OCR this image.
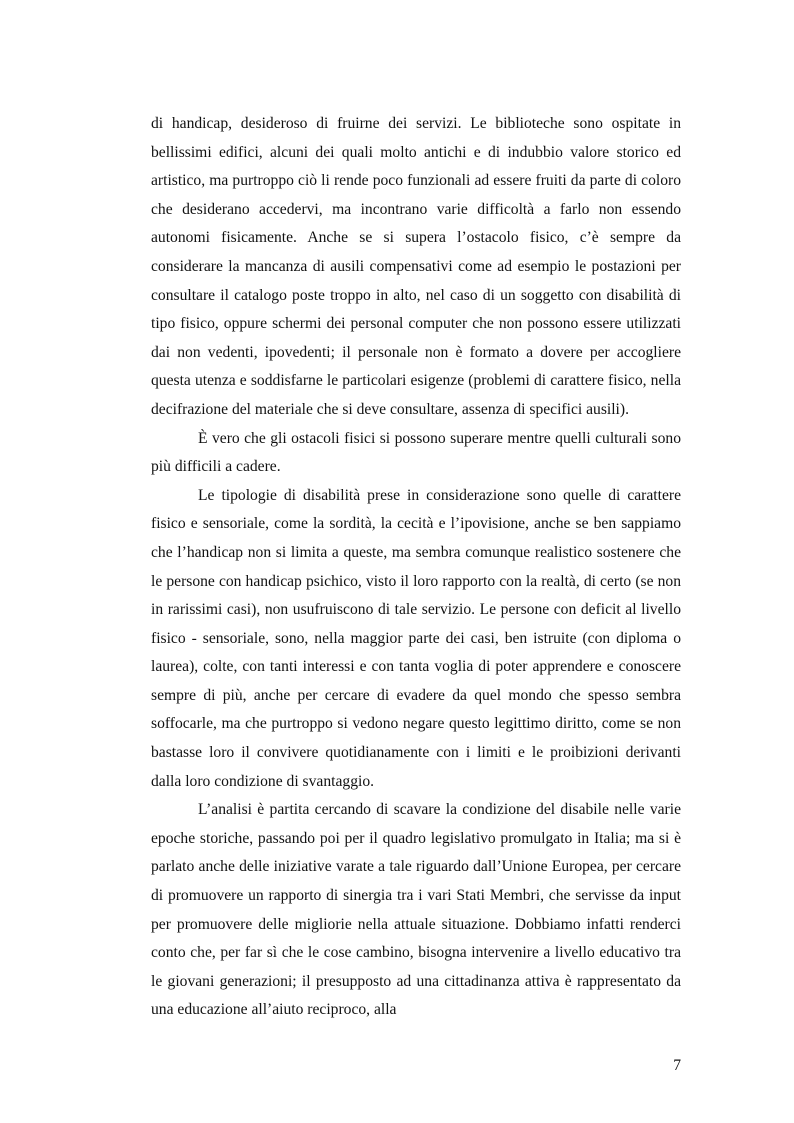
di handicap, desideroso di fruirne dei servizi. Le biblioteche sono ospitate in bellissimi edifici, alcuni dei quali molto antichi e di indubbio valore storico ed artistico, ma purtroppo ciò li rende poco funzionali ad essere fruiti da parte di coloro che desiderano accedervi, ma incontrano varie difficoltà a farlo non essendo autonomi fisicamente. Anche se si supera l’ostacolo fisico, c’è sempre da considerare la mancanza di ausili compensativi come ad esempio le postazioni per consultare il catalogo poste troppo in alto, nel caso di un soggetto con disabilità di tipo fisico, oppure schermi dei personal computer che non possono essere utilizzati dai non vedenti, ipovedenti; il personale non è formato a dovere per accogliere questa utenza e soddisfarne le particolari esigenze (problemi di carattere fisico, nella decifrazione del materiale che si deve consultare, assenza di specifici ausili).

È vero che gli ostacoli fisici si possono superare mentre quelli culturali sono più difficili a cadere.

Le tipologie di disabilità prese in considerazione sono quelle di carattere fisico e sensoriale, come la sordità, la cecità e l’ipovisione, anche se ben sappiamo che l’handicap non si limita a queste, ma sembra comunque realistico sostenere che le persone con handicap psichico, visto il loro rapporto con la realtà, di certo (se non in rarissimi casi), non usufruiscono di tale servizio. Le persone con deficit al livello fisico - sensoriale, sono, nella maggior parte dei casi, ben istruite (con diploma o laurea), colte, con tanti interessi e con tanta voglia di poter apprendere e conoscere sempre di più, anche per cercare di evadere da quel mondo che spesso sembra soffocarle, ma che purtroppo si vedono negare questo legittimo diritto, come se non bastasse loro il convivere quotidianamente con i limiti e le proibizioni derivanti dalla loro condizione di svantaggio.

L’analisi è partita cercando di scavare la condizione del disabile nelle varie epoche storiche, passando poi per il quadro legislativo promulgato in Italia; ma si è parlato anche delle iniziative varate a tale riguardo dall’Unione Europea, per cercare di promuovere un rapporto di sinergia tra i vari Stati Membri, che servisse da input per promuovere delle migliorie nella attuale situazione. Dobbiamo infatti renderci conto che, per far sì che le cose cambino, bisogna intervenire a livello educativo tra le giovani generazioni; il presupposto ad una cittadinanza attiva è rappresentato da una educazione all’aiuto reciproco, alla

7
